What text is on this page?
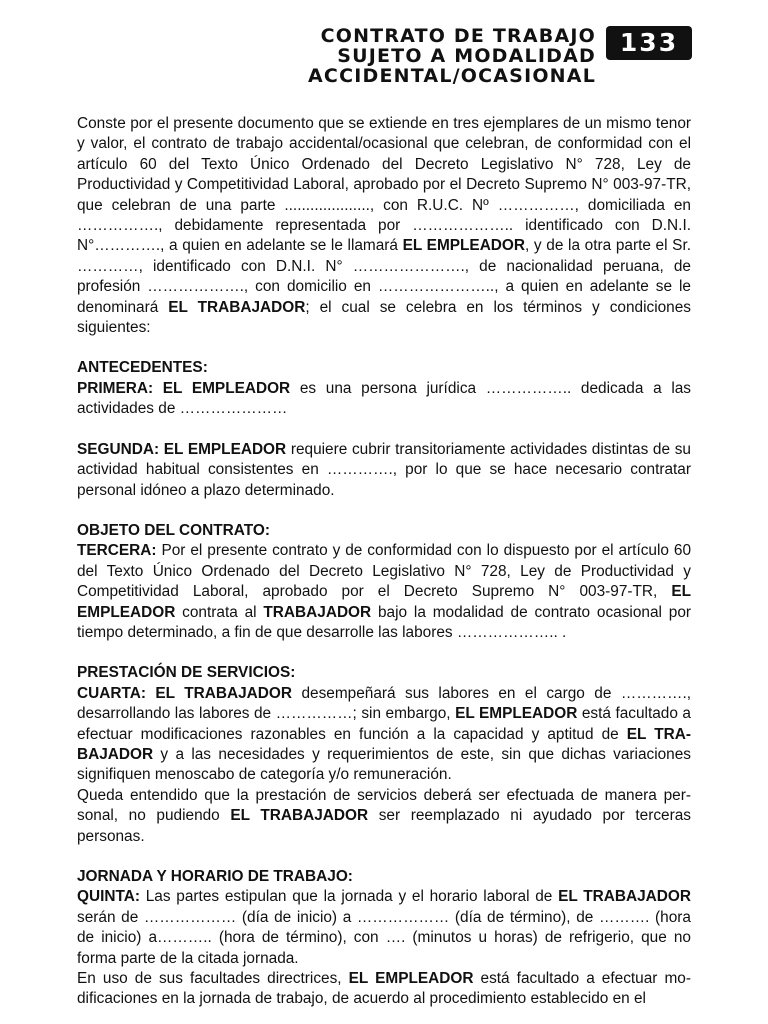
CONTRATO DE TRABAJO
SUJETO A MODALIDAD
ACCIDENTAL/OCASIONAL
133

Conste por el presente documento que se extiende en tres ejemplares de un mismo tenor y valor, el contrato de trabajo accidental/ocasional que celebran, de conformidad con el artículo 60 del Texto Único Ordenado del Decreto Legislativo N° 728, Ley de Productividad y Competitividad Laboral, aprobado por el Decreto Supremo N° 003-97-TR, que celebran de una parte ...................., con R.U.C. Nº ……………, domiciliada en ……………., debidamente representada por ……………….. identificado con D.N.I. N°…………., a quien en adelante se le llamará EL EMPLEADOR, y de la otra parte el Sr. …………, identificado con D.N.I. N° …………………., de nacionalidad peruana, de profesión ………………., con domicilio en ………………….., a quien en adelante se le denominará EL TRABAJADOR; el cual se celebra en los términos y condiciones siguientes:

ANTECEDENTES:

PRIMERA: EL EMPLEADOR es una persona jurídica …………….. dedicada a las actividades de …………………

SEGUNDA: EL EMPLEADOR requiere cubrir transitoriamente actividades distintas de su actividad habitual consistentes en …………., por lo que se hace necesario contratar personal idóneo a plazo determinado.

OBJETO DEL CONTRATO:

TERCERA: Por el presente contrato y de conformidad con lo dispuesto por el artículo 60 del Texto Único Ordenado del Decreto Legislativo N° 728, Ley de Productividad y Competitividad Laboral, aprobado por el Decreto Supremo N° 003-97-TR, EL EMPLEADOR contrata al TRABAJADOR bajo la modalidad de contrato ocasional por tiempo determinado, a fin de que desarrolle las labores ……………….. .

PRESTACIÓN DE SERVICIOS:

CUARTA: EL TRABAJADOR desempeñará sus labores en el cargo de …………., desarrollando las labores de ……………; sin embargo, EL EMPLEADOR está facultado a efectuar modificaciones razonables en función a la capacidad y aptitud de EL TRABAJADOR y a las necesidades y requerimientos de este, sin que dichas variaciones signifiquen menoscabo de categoría y/o remuneración.

Queda entendido que la prestación de servicios deberá ser efectuada de manera personal, no pudiendo EL TRABAJADOR ser reemplazado ni ayudado por terceras personas.

JORNADA Y HORARIO DE TRABAJO:

QUINTA: Las partes estipulan que la jornada y el horario laboral de EL TRABAJADOR serán de ……………… (día de inicio) a ……………… (día de término), de ………. (hora de inicio) a……….. (hora de término), con …. (minutos u horas) de refrigerio, que no forma parte de la citada jornada.

En uso de sus facultades directrices, EL EMPLEADOR está facultado a efectuar modificaciones en la jornada de trabajo, de acuerdo al procedimiento establecido en el
